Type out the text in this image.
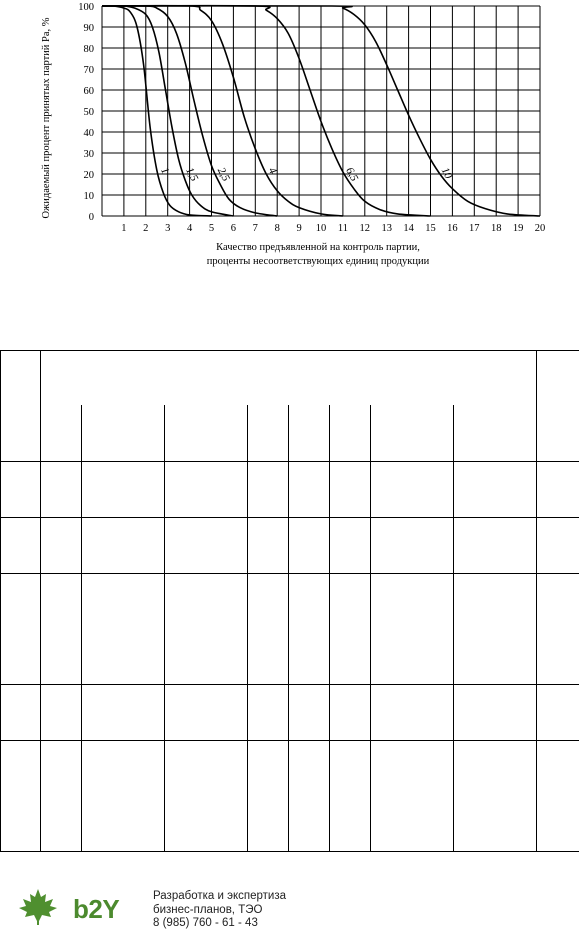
0
10
20
30
40
50
60
70
80
90
100
1 2 3 4 5 6 7 8 9 10 11 12 13 14 15 16 17 18 19 20
1 1,5 2,5	4	6,5	10
Ожидаемый процент принятых партий Pa, %
Качество предъявленной на контроль партии,
проценты несоответствующих единиц продукции
b2Y	Разработка и экспертиза
бизнес-планов, ТЭО
8 (985) 760 - 61 - 43
